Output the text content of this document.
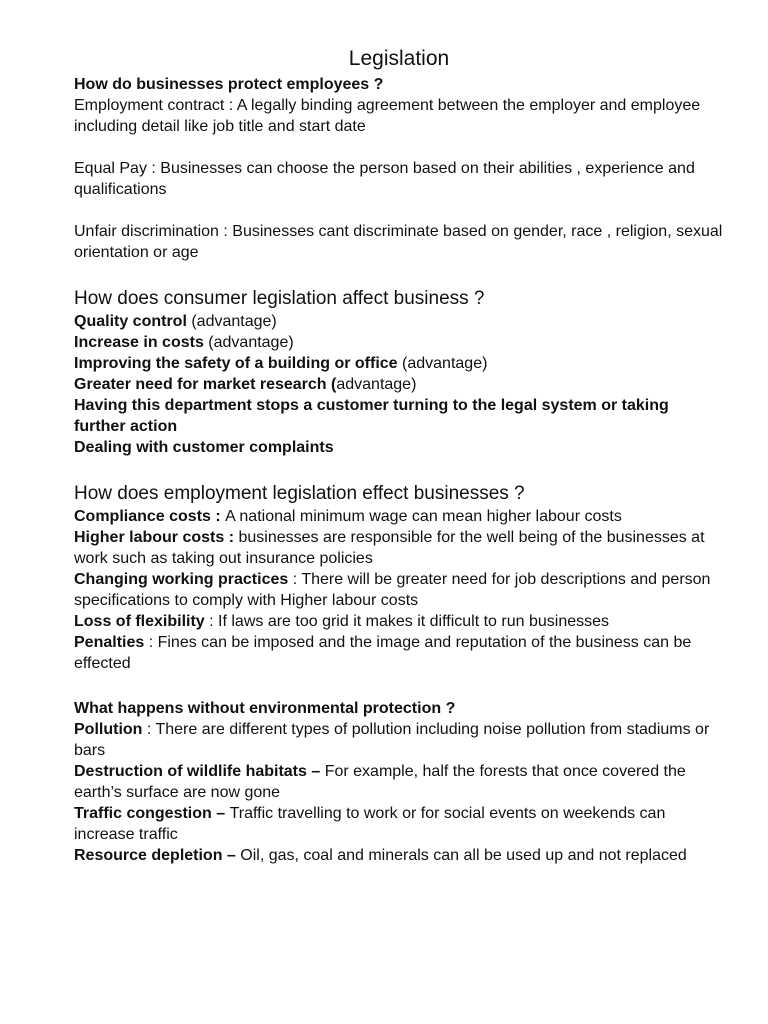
Legislation

How do businesses protect employees ?

Employment contract : A legally binding agreement between the employer and employee including detail like job title and start date

Equal Pay : Businesses can choose the person based on their abilities , experience and qualifications

Unfair discrimination : Businesses cant discriminate based on gender, race , religion, sexual orientation or age

How does consumer legislation affect business ?

Quality control (advantage)

Increase in costs (advantage)

Improving the safety of a building or office (advantage)

Greater need for market research (advantage)

Having this department stops a customer turning to the legal system or taking further action

Dealing with customer complaints

How does employment legislation effect businesses ?

Compliance costs : A national minimum wage can mean higher labour costs

Higher labour costs : businesses are responsible for the well being of the businesses at work such as taking out insurance policies

Changing working practices : There will be greater need for job descriptions and person specifications to comply with Higher labour costs

Loss of flexibility : If laws are too grid it makes it difficult to run businesses

Penalties : Fines can be imposed and the image and reputation of the business can be effected

What happens without environmental protection ?

Pollution : There are different types of pollution including noise pollution from stadiums or bars

Destruction of wildlife habitats – For example, half the forests that once covered the earth’s surface are now gone

Traffic congestion – Traffic travelling to work or for social events on weekends can increase traffic

Resource depletion – Oil, gas, coal and minerals can all be used up and not replaced
